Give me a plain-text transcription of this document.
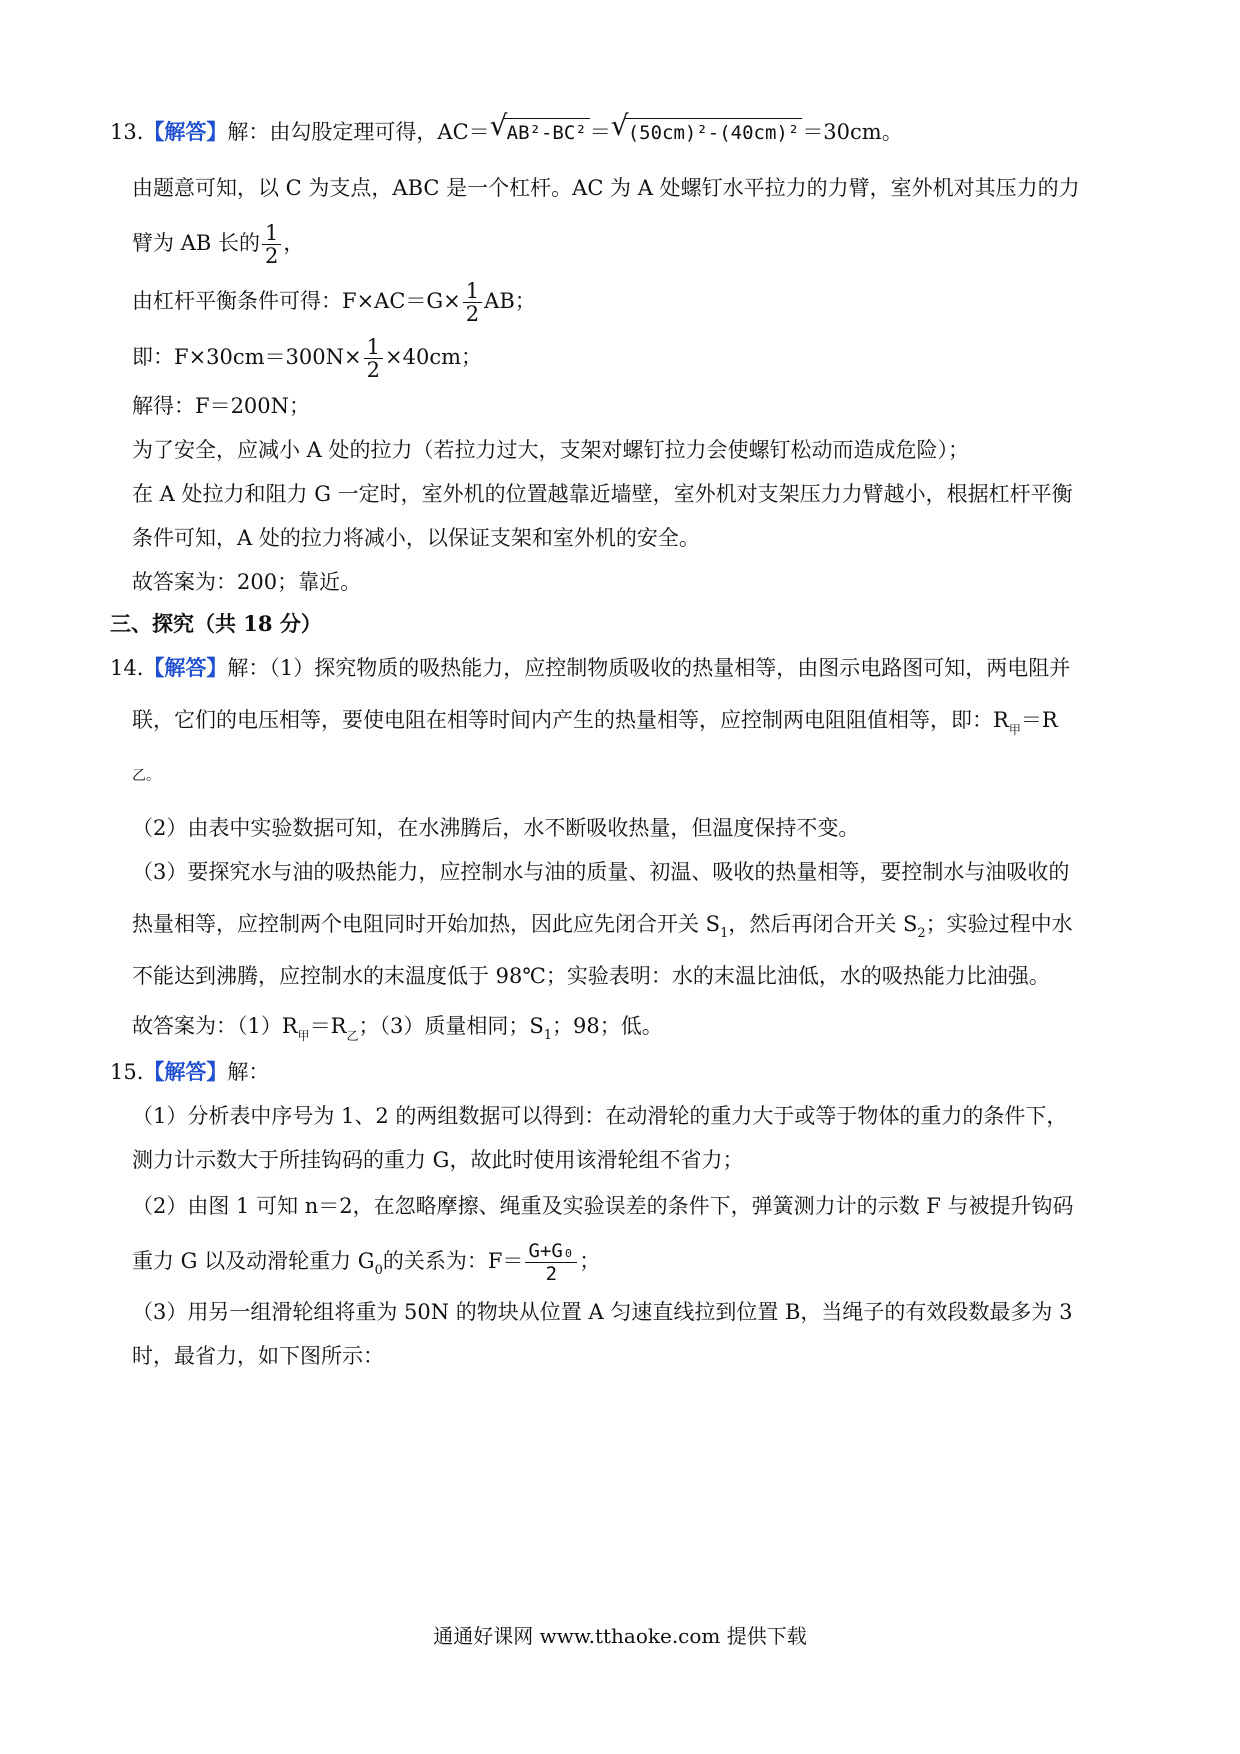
13.【解答】解：由勾股定理可得，AC＝ √ AB²-BC² ＝ √ (50cm)²-(40cm)² ＝30cm。
由题意可知，以 C 为支点，ABC 是一个杠杆。AC 为 A 处螺钉水平拉力的力臂，室外机对其压力的力
臂为 AB 长的 $\frac{1}{2}$ ，
由杠杆平衡条件可得：$F\times AC=G\times \frac{1}{2}$ AB；
即：$F\times 30cm=300N\times \frac{1}{2} \times 40cm$；
解得：F＝200N；
为了安全，应减小 A 处的拉力（若拉力过大，支架对螺钉拉力会使螺钉松动而造成危险）；
在 A 处拉力和阻力 G 一定时，室外机的位置越靠近墙壁，室外机对支架压力力臂越小，根据杠杆平衡
条件可知，A 处的拉力将减小，以保证支架和室外机的安全。
故答案为：200；靠近。
三、探究（共 18 分）
14.【解答】解：（1）探究物质的吸热能力，应控制物质吸收的热量相等，由图示电路图可知，两电阻并
联，它们的电压相等，要使电阻在相等时间内产生的热量相等，应控制两电阻阻值相等，即：$R_甲=R$
乙。
（2）由表中实验数据可知，在水沸腾后，水不断吸收热量，但温度保持不变。
（3）要探究水与油的吸热能力，应控制水与油的质量、初温、吸收的热量相等，要控制水与油吸收的
热量相等，应控制两个电阻同时开始加热，因此应先闭合开关 $S_1$，然后再闭合开关 $S_2$；实验过程中水
不能达到沸腾，应控制水的末温度低于 98℃；实验表明：水的末温比油低，水的吸热能力比油强。
故答案为：$(1)R_甲=R_乙$；（3）质量相同；$S_1$；98；低。
15.【解答】解：
（1）分析表中序号为 1、2 的两组数据可以得到：在动滑轮的重力大于或等于物体的重力的条件下，
测力计示数大于所挂钩码的重力 G，故此时使用该滑轮组不省力；
（2）由图 1 可知 n＝2，在忽略摩擦、绳重及实验误差的条件下，弹簧测力计的示数 F 与被提升钩码
重力 G 以及动滑轮重力 $G_0$的关系为：$F= \frac{\text{G+G₀}}{2}$ ；
（3）用另一组滑轮组将重为 50N 的物块从位置 A 匀速直线拉到位置 B，当绳子的有效段数最多为 3
时，最省力，如下图所示：
通通好课网 www.tthaoke.com 提供下载
